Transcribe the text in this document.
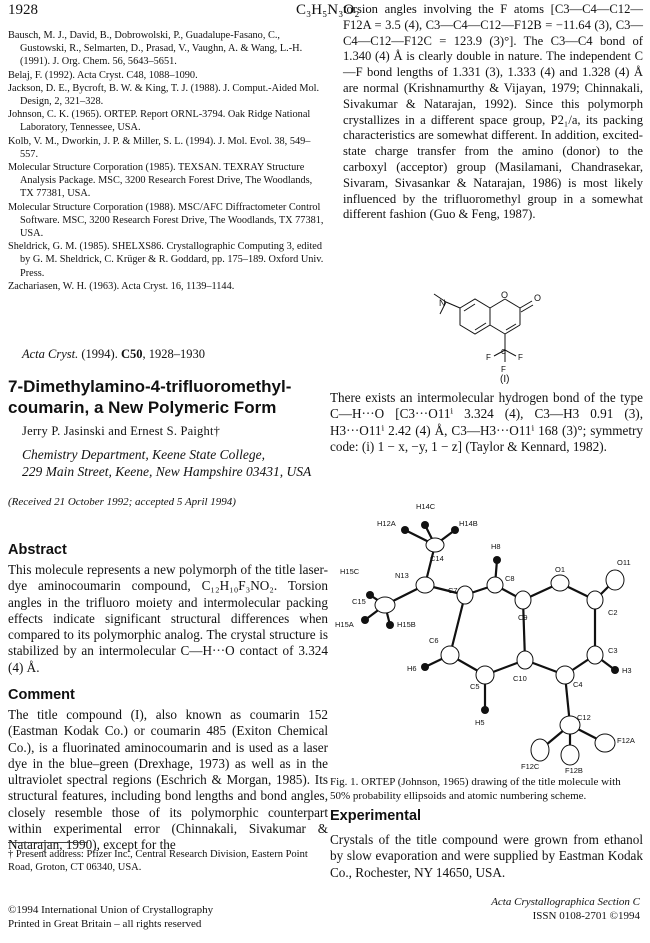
1928	C₃H₅N₃O₂

Bausch, M. J., David, B., Dobrowolski, P., Guadalupe-Fasano, C., Gustowski, R., Selmarten, D., Prasad, V., Vaughn, A. & Wang, L.-H. (1991). J. Org. Chem. 56, 5643–5651.

Belaj, F. (1992). Acta Cryst. C48, 1088–1090.

Jackson, D. E., Bycroft, B. W. & King, T. J. (1988). J. Comput.-Aided Mol. Design, 2, 321–328.

Johnson, C. K. (1965). ORTEP. Report ORNL-3794. Oak Ridge National Laboratory, Tennessee, USA.

Kolb, V. M., Dworkin, J. P. & Miller, S. L. (1994). J. Mol. Evol. 38, 549–557.

Molecular Structure Corporation (1985). TEXSAN. TEXRAY Structure Analysis Package. MSC, 3200 Research Forest Drive, The Woodlands, TX 77381, USA.

Molecular Structure Corporation (1988). MSC/AFC Diffractometer Control Software. MSC, 3200 Research Forest Drive, The Woodlands, TX 77381, USA.

Sheldrick, G. M. (1985). SHELXS86. Crystallographic Computing 3, edited by G. M. Sheldrick, C. Krüger & R. Goddard, pp. 175–189. Oxford Univ. Press.

Zachariasen, W. H. (1963). Acta Cryst. 16, 1139–1144.

torsion angles involving the F atoms [C3—C4—C12—F12A = 3.5 (4), C3—C4—C12—F12B = −11.64 (3), C3—C4—C12—F12C = 123.9 (3)°]. The C3—C4 bond of 1.340 (4) Å is clearly double in nature. The independent C—F bond lengths of 1.331 (3), 1.333 (4) and 1.328 (4) Å are normal (Krishnamurthy & Vijayan, 1979; Chinnakali, Sivakumar & Natarajan, 1992). Since this polymorph crystallizes in a different space group, P2₁/a, its packing characteristics are somewhat different. In addition, excited-state charge transfer from the amino (donor) to the carboxyl (acceptor) group (Masilamani, Chandrasekar, Sivaram, Sivasankar & Natarajan, 1986) is most likely influenced by the trifluoromethyl group in a somewhat different fashion (Guo & Feng, 1987).

N
O	O
F	F
F
C
(I)
Acta Cryst. (1994). C50, 1928–1930
7-Dimethylamino-4-trifluoromethyl-coumarin, a New Polymeric Form
Jerry P. Jasinski and Ernest S. Paight†

Chemistry Department, Keene State College,
229 Main Street, Keene, New Hampshire 03431, USA

(Received 21 October 1992; accepted 5 April 1994)
Abstract

This molecule represents a new polymorph of the title laser-dye aminocoumarin compound, C₁₂H₁₀F₃NO₂. Torsion angles in the trifluoro moiety and intermolecular packing effects indicate significant structural differences when compared to its polymorphic analog. The crystal structure is stabilized by an intermolecular C—H···O contact of 3.324 (4) Å.

Comment

The title compound (I), also known as coumarin 152 (Eastman Kodak Co.) or coumarin 485 (Exiton Chemical Co.), is a fluorinated aminocoumarin and is used as a laser dye in the blue–green (Drexhage, 1973) as well as in the ultraviolet spectral regions (Eschrich & Morgan, 1985). Its structural features, including bond lengths and bond angles, closely resemble those of its polymorphic counterpart within experimental error (Chinnakali, Sivakumar & Natarajan, 1990), except for the

† Present address: Pfizer Inc., Central Research Division, Eastern Point Road, Groton, CT 06340, USA.

©1994 International Union of Crystallography
Printed in Great Britain – all rights reserved

There exists an intermolecular hydrogen bond of the type C—H···O [C3···O11ⁱ 3.324 (4), C3—H3 0.91 (3), H3···O11ⁱ 2.42 (4) Å, C3—H3···O11ⁱ 168 (3)°; symmetry code: (i) 1 − x, −y, 1 − z] (Taylor & Kennard, 1982).

H14C
H12A	H14B
C14
H8
H15C	N13
C7
C8
O1
O11
C15
C9
C2
H15A	H15B
C6
C3
H6
C10
H3
C5	C4
H5
C12
F12A
F12C	F12B

Fig. 1. ORTEP (Johnson, 1965) drawing of the title molecule with 50% probability ellipsoids and atomic numbering scheme.

Experimental

Crystals of the title compound were grown from ethanol by slow evaporation and were supplied by Eastman Kodak Co., Rochester, NY 14650, USA.

Acta Crystallographica Section C
ISSN 0108-2701 ©1994
